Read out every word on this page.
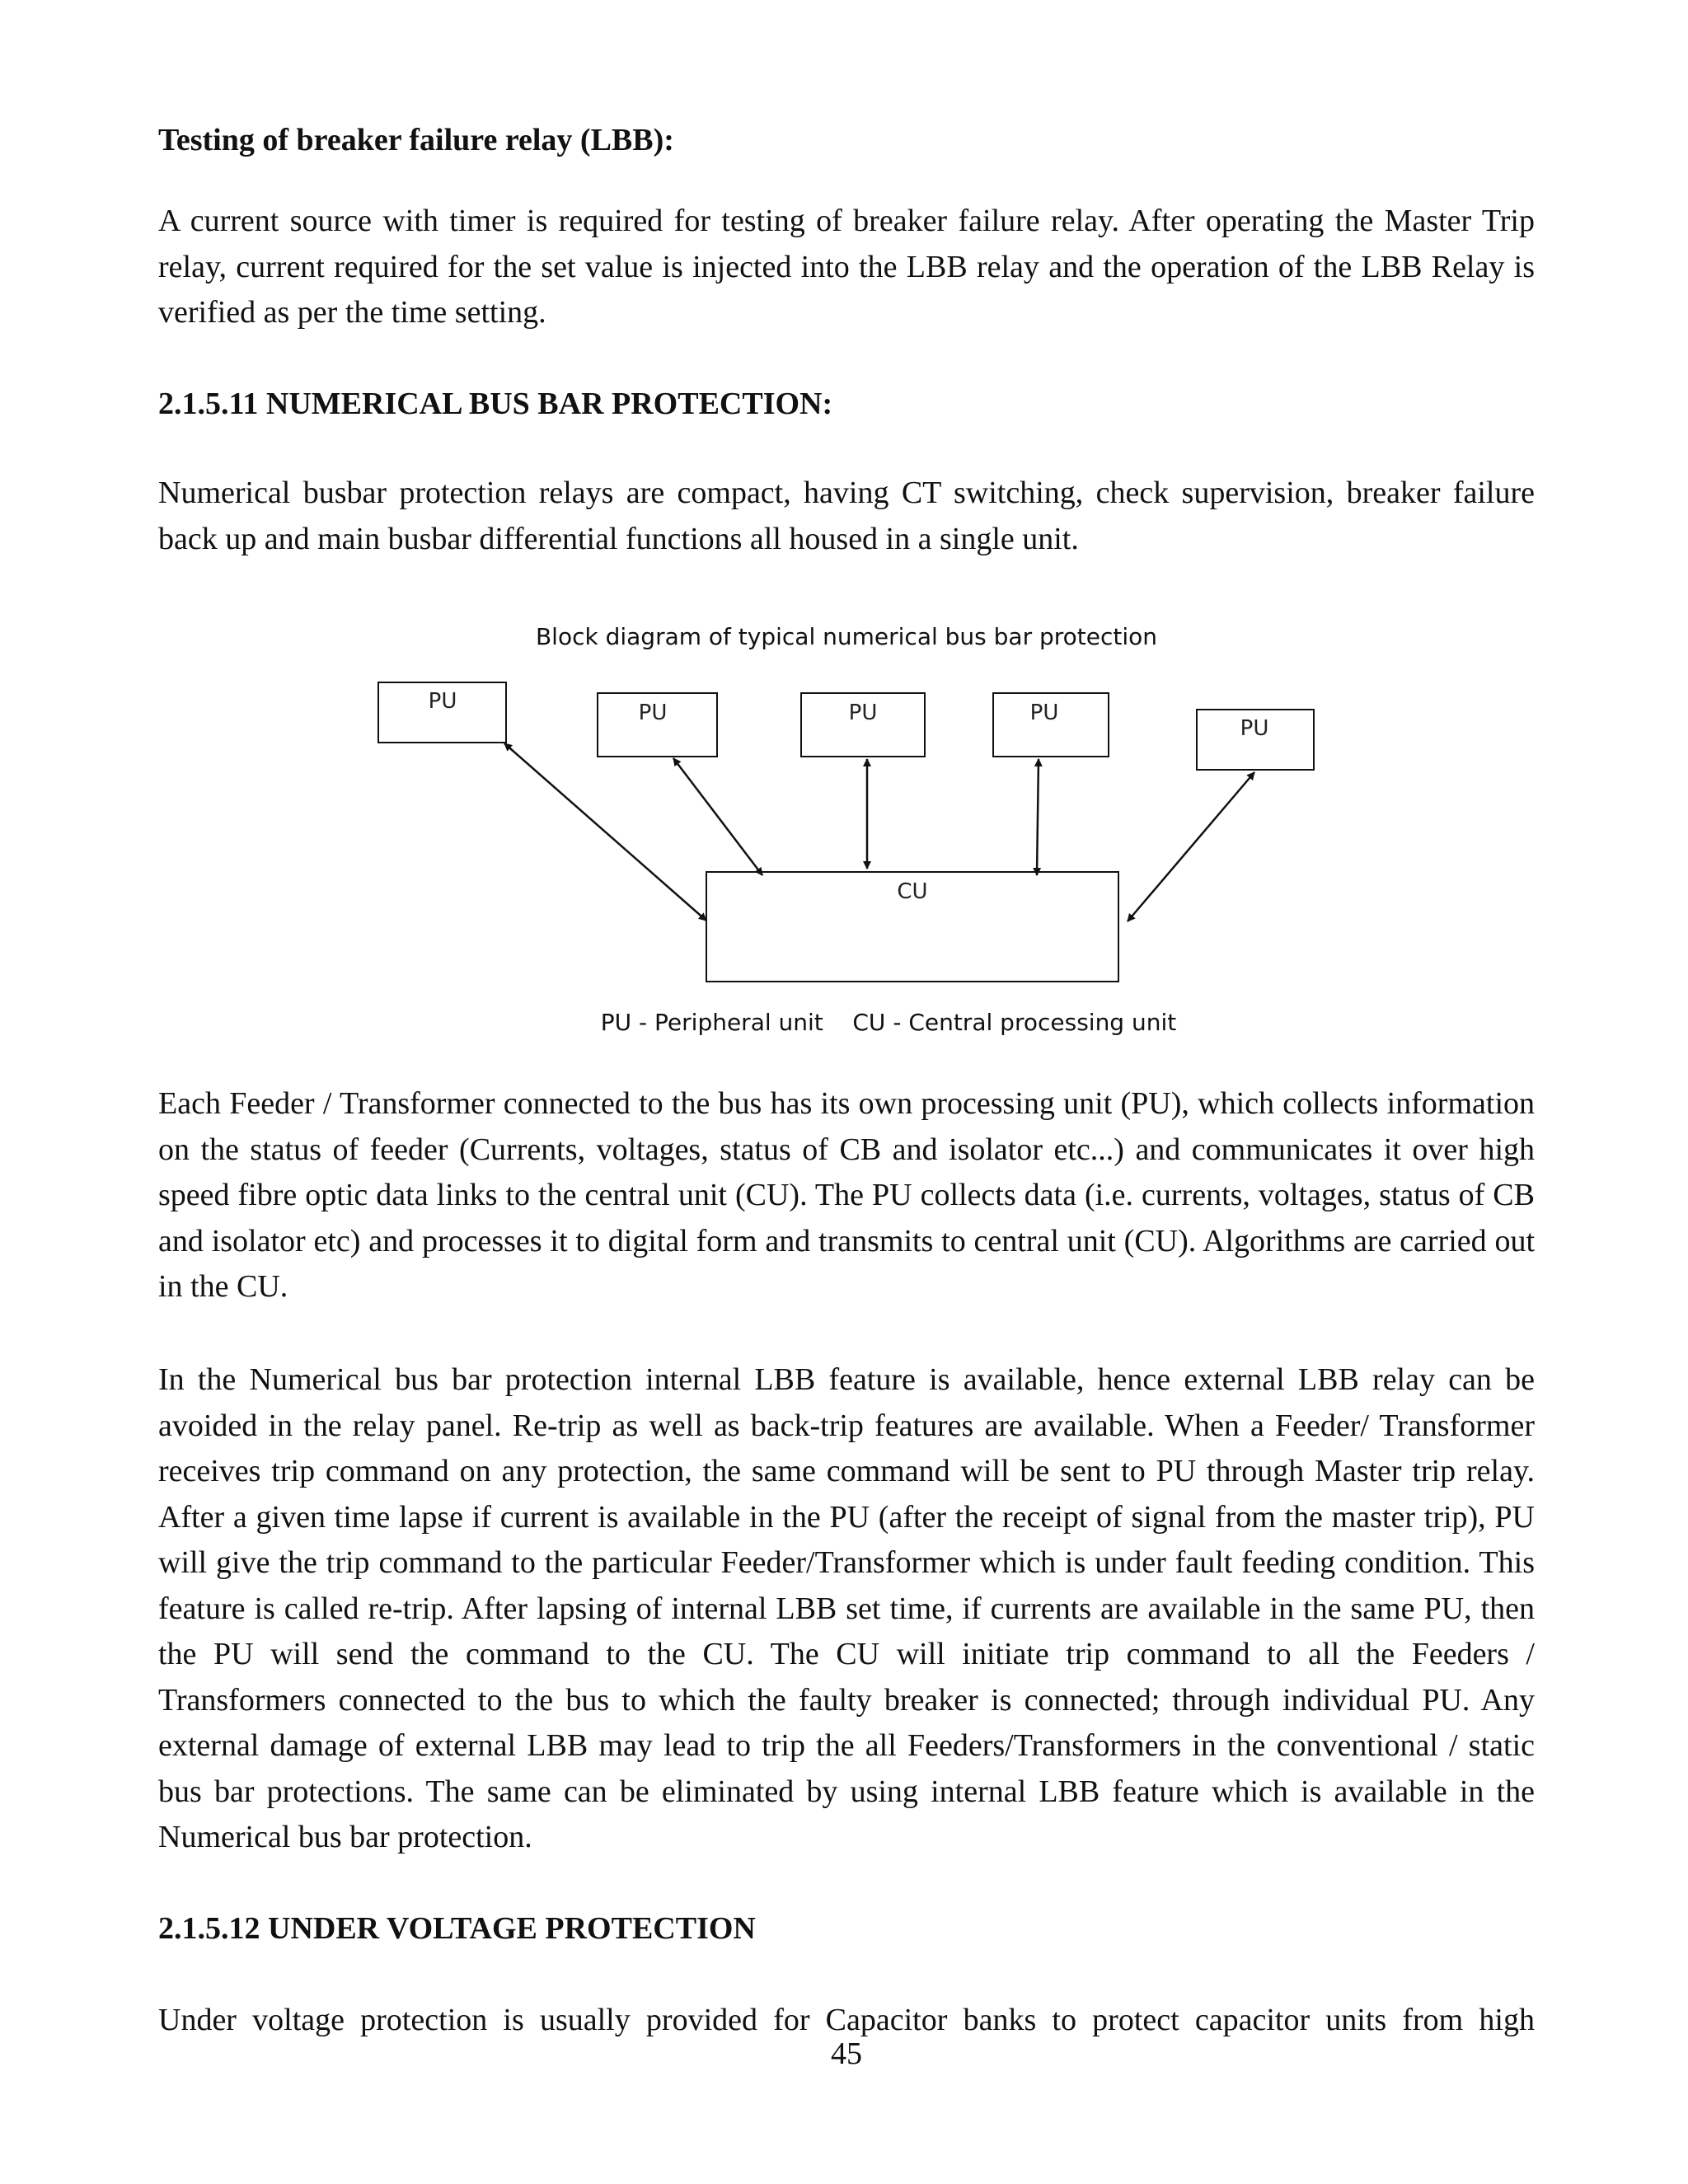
Testing of breaker failure relay (LBB):

A current source with timer is required for testing of breaker failure relay. After operating the Master Trip relay, current required for the set value is injected into the LBB relay and the operation of the LBB Relay is verified as per the time setting.

2.1.5.11 NUMERICAL BUS BAR PROTECTION:

Numerical busbar protection relays are compact, having CT switching, check supervision, breaker failure back up and main busbar differential functions all housed in a single unit.

Block diagram of typical numerical bus bar protection
PU	PU	PU	PU
PU
CU
PU - Peripheral unit    CU - Central processing unit

Each Feeder / Transformer connected to the bus has its own processing unit (PU), which collects information on the status of feeder (Currents, voltages, status of CB and isolator etc...) and communicates it over high speed fibre optic data links to the central unit (CU). The PU collects data (i.e. currents, voltages, status of CB and isolator etc) and processes it to digital form and transmits to central unit (CU). Algorithms are carried out in the CU.

In the Numerical bus bar protection internal LBB feature is available, hence external LBB relay can be avoided in the relay panel. Re-trip as well as back-trip features are available. When a Feeder/ Transformer receives trip command on any protection, the same command will be sent to PU through Master trip relay. After a given time lapse if current is available in the PU (after the receipt of signal from the master trip), PU will give the trip command to the particular Feeder/Transformer which is under fault feeding condition. This feature is called re-trip. After lapsing of internal LBB set time, if currents are available in the same PU, then the PU will send the command to the CU. The CU will initiate trip command to all the Feeders / Transformers connected to the bus to which the faulty breaker is connected; through individual PU. Any external damage of external LBB may lead to trip the all Feeders/Transformers in the conventional / static bus bar protections. The same can be eliminated by using internal LBB feature which is available in the Numerical bus bar protection.

2.1.5.12 UNDER VOLTAGE PROTECTION

Under voltage protection is usually provided for Capacitor banks to protect capacitor units from high

45
